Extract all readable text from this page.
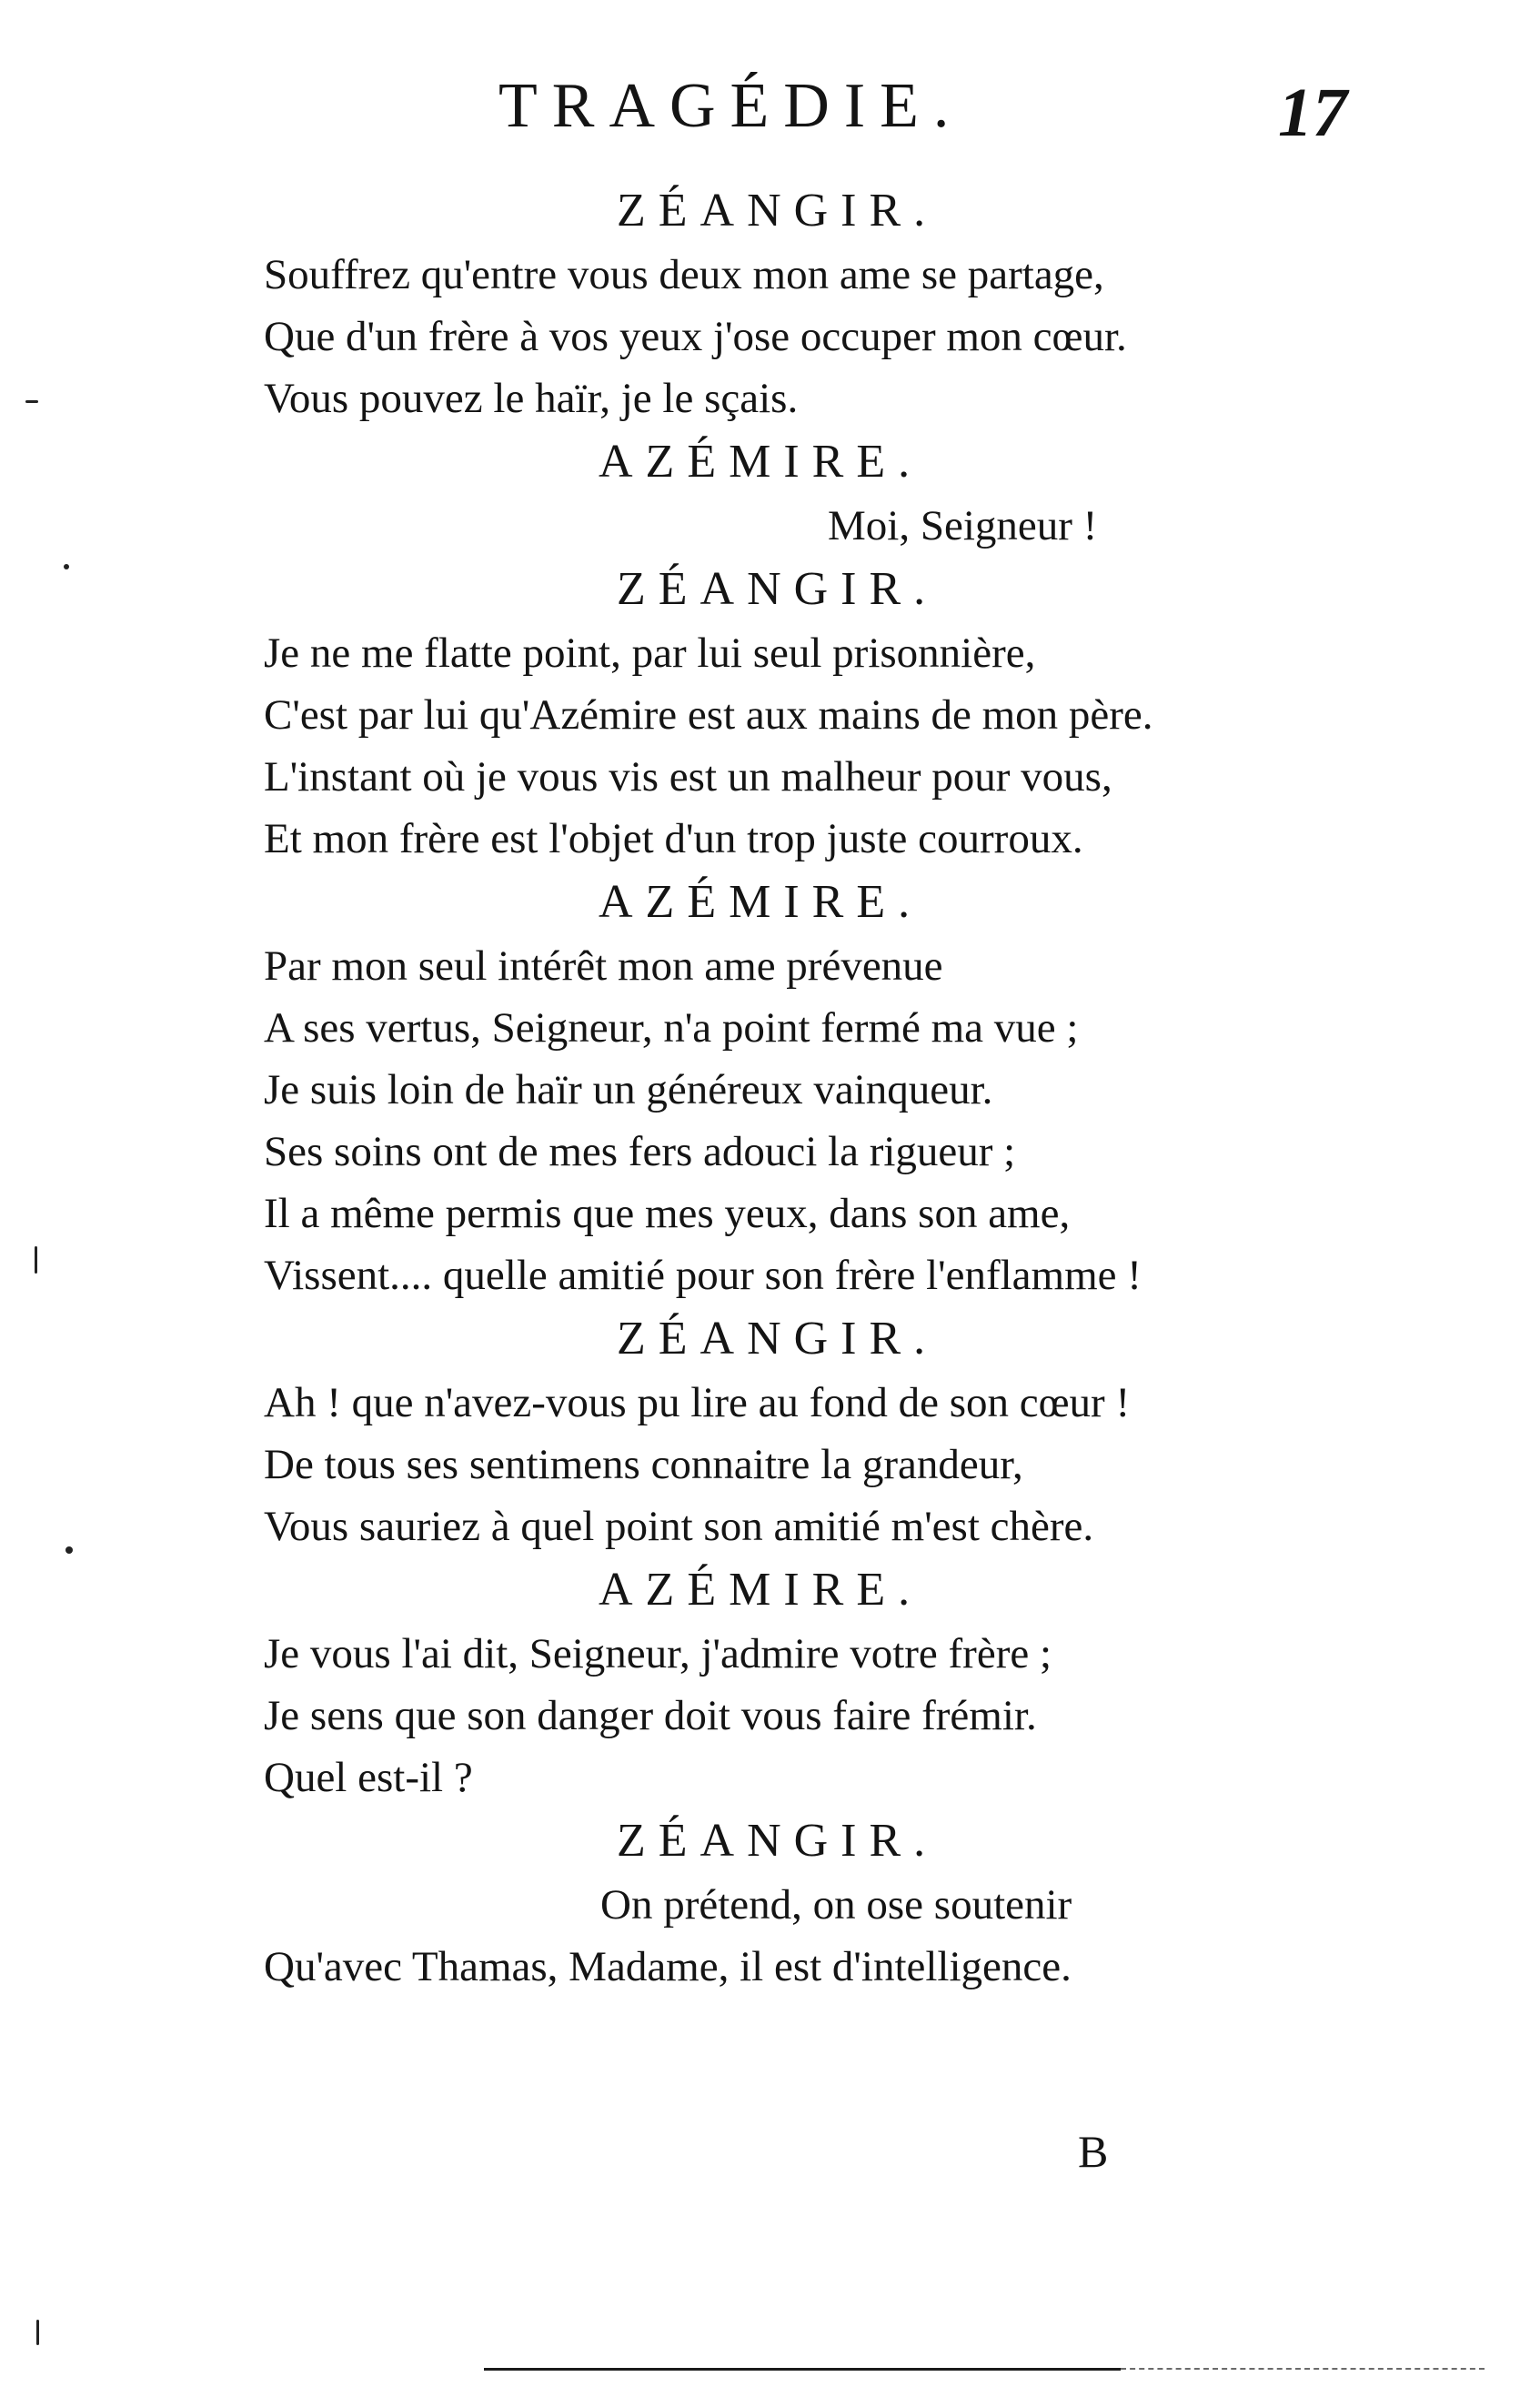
TRAGÉDIE.	17
ZÉANGIR.
Souffrez qu'entre vous deux mon ame se partage,
Que d'un frère à vos yeux j'ose occuper mon cœur.
Vous pouvez le haïr, je le sçais.
AZÉMIRE.
Moi, Seigneur !
ZÉANGIR.
Je ne me flatte point, par lui seul prisonnière,
C'est par lui qu'Azémire est aux mains de mon père.
L'instant où je vous vis est un malheur pour vous,
Et mon frère est l'objet d'un trop juste courroux.
AZÉMIRE.
Par mon seul intérêt mon ame prévenue
A ses vertus, Seigneur, n'a point fermé ma vue ;
Je suis loin de haïr un généreux vainqueur.
Ses soins ont de mes fers adouci la rigueur ;
Il a même permis que mes yeux, dans son ame,
Vissent.... quelle amitié pour son frère l'enflamme !
ZÉANGIR.
Ah ! que n'avez-vous pu lire au fond de son cœur !
De tous ses sentimens connaitre la grandeur,
Vous sauriez à quel point son amitié m'est chère.
AZÉMIRE.
Je vous l'ai dit, Seigneur, j'admire votre frère ;
Je sens que son danger doit vous faire frémir.
Quel est-il ?
ZÉANGIR.
On prétend, on ose soutenir
Qu'avec Thamas, Madame, il est d'intelligence.
B
